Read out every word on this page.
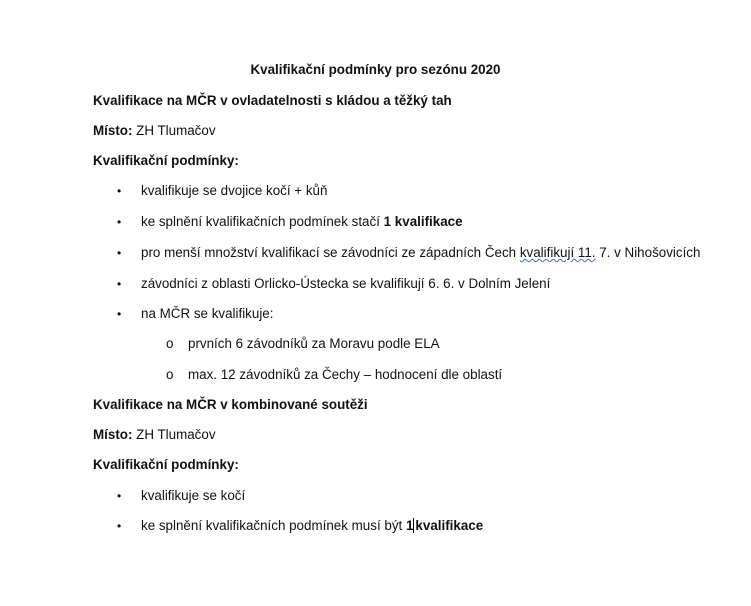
Kvalifikační podmínky pro sezónu 2020
Kvalifikace na MČR v ovladatelnosti s kládou a těžký tah
Místo: ZH Tlumačov
Kvalifikační podmínky:
• kvalifikuje se dvojice kočí + kůň
• ke splnění kvalifikačních podmínek stačí 1 kvalifikace
• pro menší množství kvalifikací se závodníci ze západních Čech kvalifikují 11. 7. v Nihošovicích
• závodníci z oblasti Orlicko-Ústecka se kvalifikují 6. 6. v Dolním Jelení
• na MČR se kvalifikuje:
o prvních 6 závodníků za Moravu podle ELA
o max. 12 závodníků za Čechy – hodnocení dle oblastí
Kvalifikace na MČR v kombinované soutěži
Místo: ZH Tlumačov
Kvalifikační podmínky:
• kvalifikuje se kočí
• ke splnění kvalifikačních podmínek musí být 1 kvalifikace
